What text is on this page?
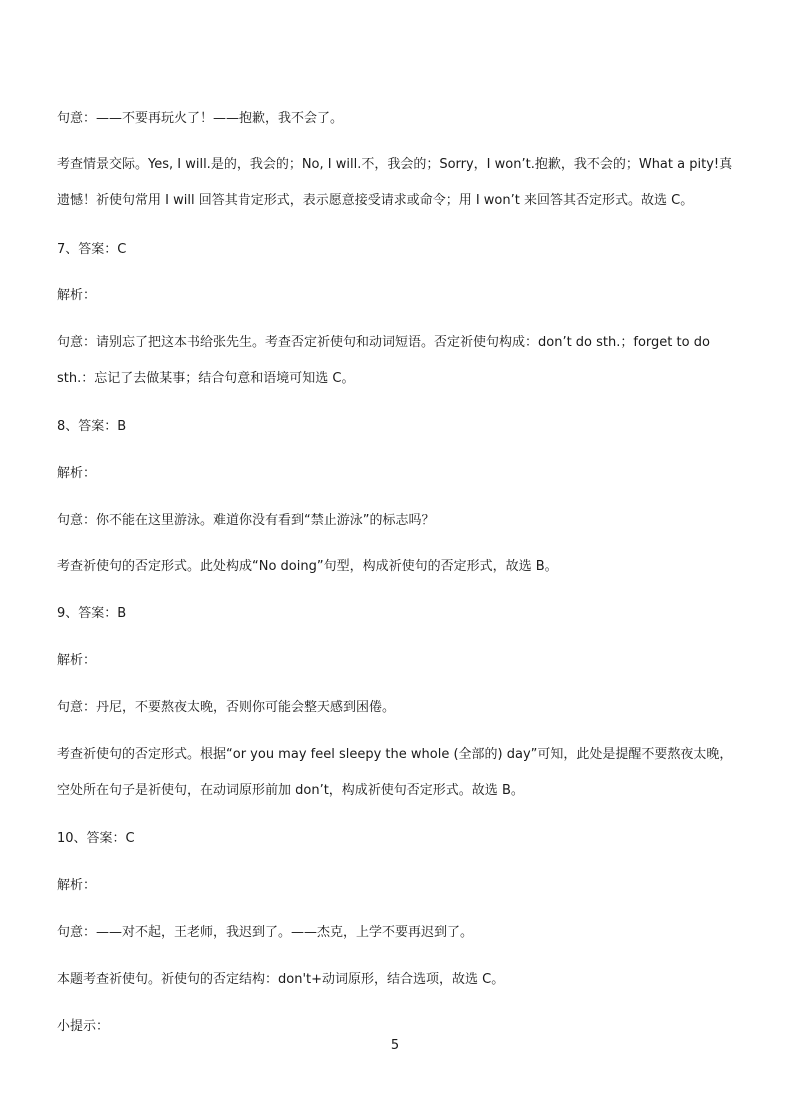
句意：——不要再玩火了！——抱歉，我不会了。
考查情景交际。Yes, I will.是的，我会的；No, I will.不，我会的；Sorry，I won’t.抱歉，我不会的；What a pity!真
遗憾！祈使句常用 I will 回答其肯定形式，表示愿意接受请求或命令；用 I won’t 来回答其否定形式。故选 C。
7、答案：C
解析：
句意：请别忘了把这本书给张先生。考查否定祈使句和动词短语。否定祈使句构成：don’t do sth.；forget to do
sth.：忘记了去做某事；结合句意和语境可知选 C。
8、答案：B
解析：
句意：你不能在这里游泳。难道你没有看到“禁止游泳”的标志吗？
考查祈使句的否定形式。此处构成“No doing”句型，构成祈使句的否定形式，故选 B。
9、答案：B
解析：
句意：丹尼，不要熬夜太晚，否则你可能会整天感到困倦。
考查祈使句的否定形式。根据“or you may feel sleepy the whole (全部的) day”可知，此处是提醒不要熬夜太晚，
空处所在句子是祈使句，在动词原形前加 don’t，构成祈使句否定形式。故选 B。
10、答案：C
解析：
句意：——对不起，王老师，我迟到了。——杰克，上学不要再迟到了。
本题考查祈使句。祈使句的否定结构：don't+动词原形，结合选项，故选 C。
小提示：
5
